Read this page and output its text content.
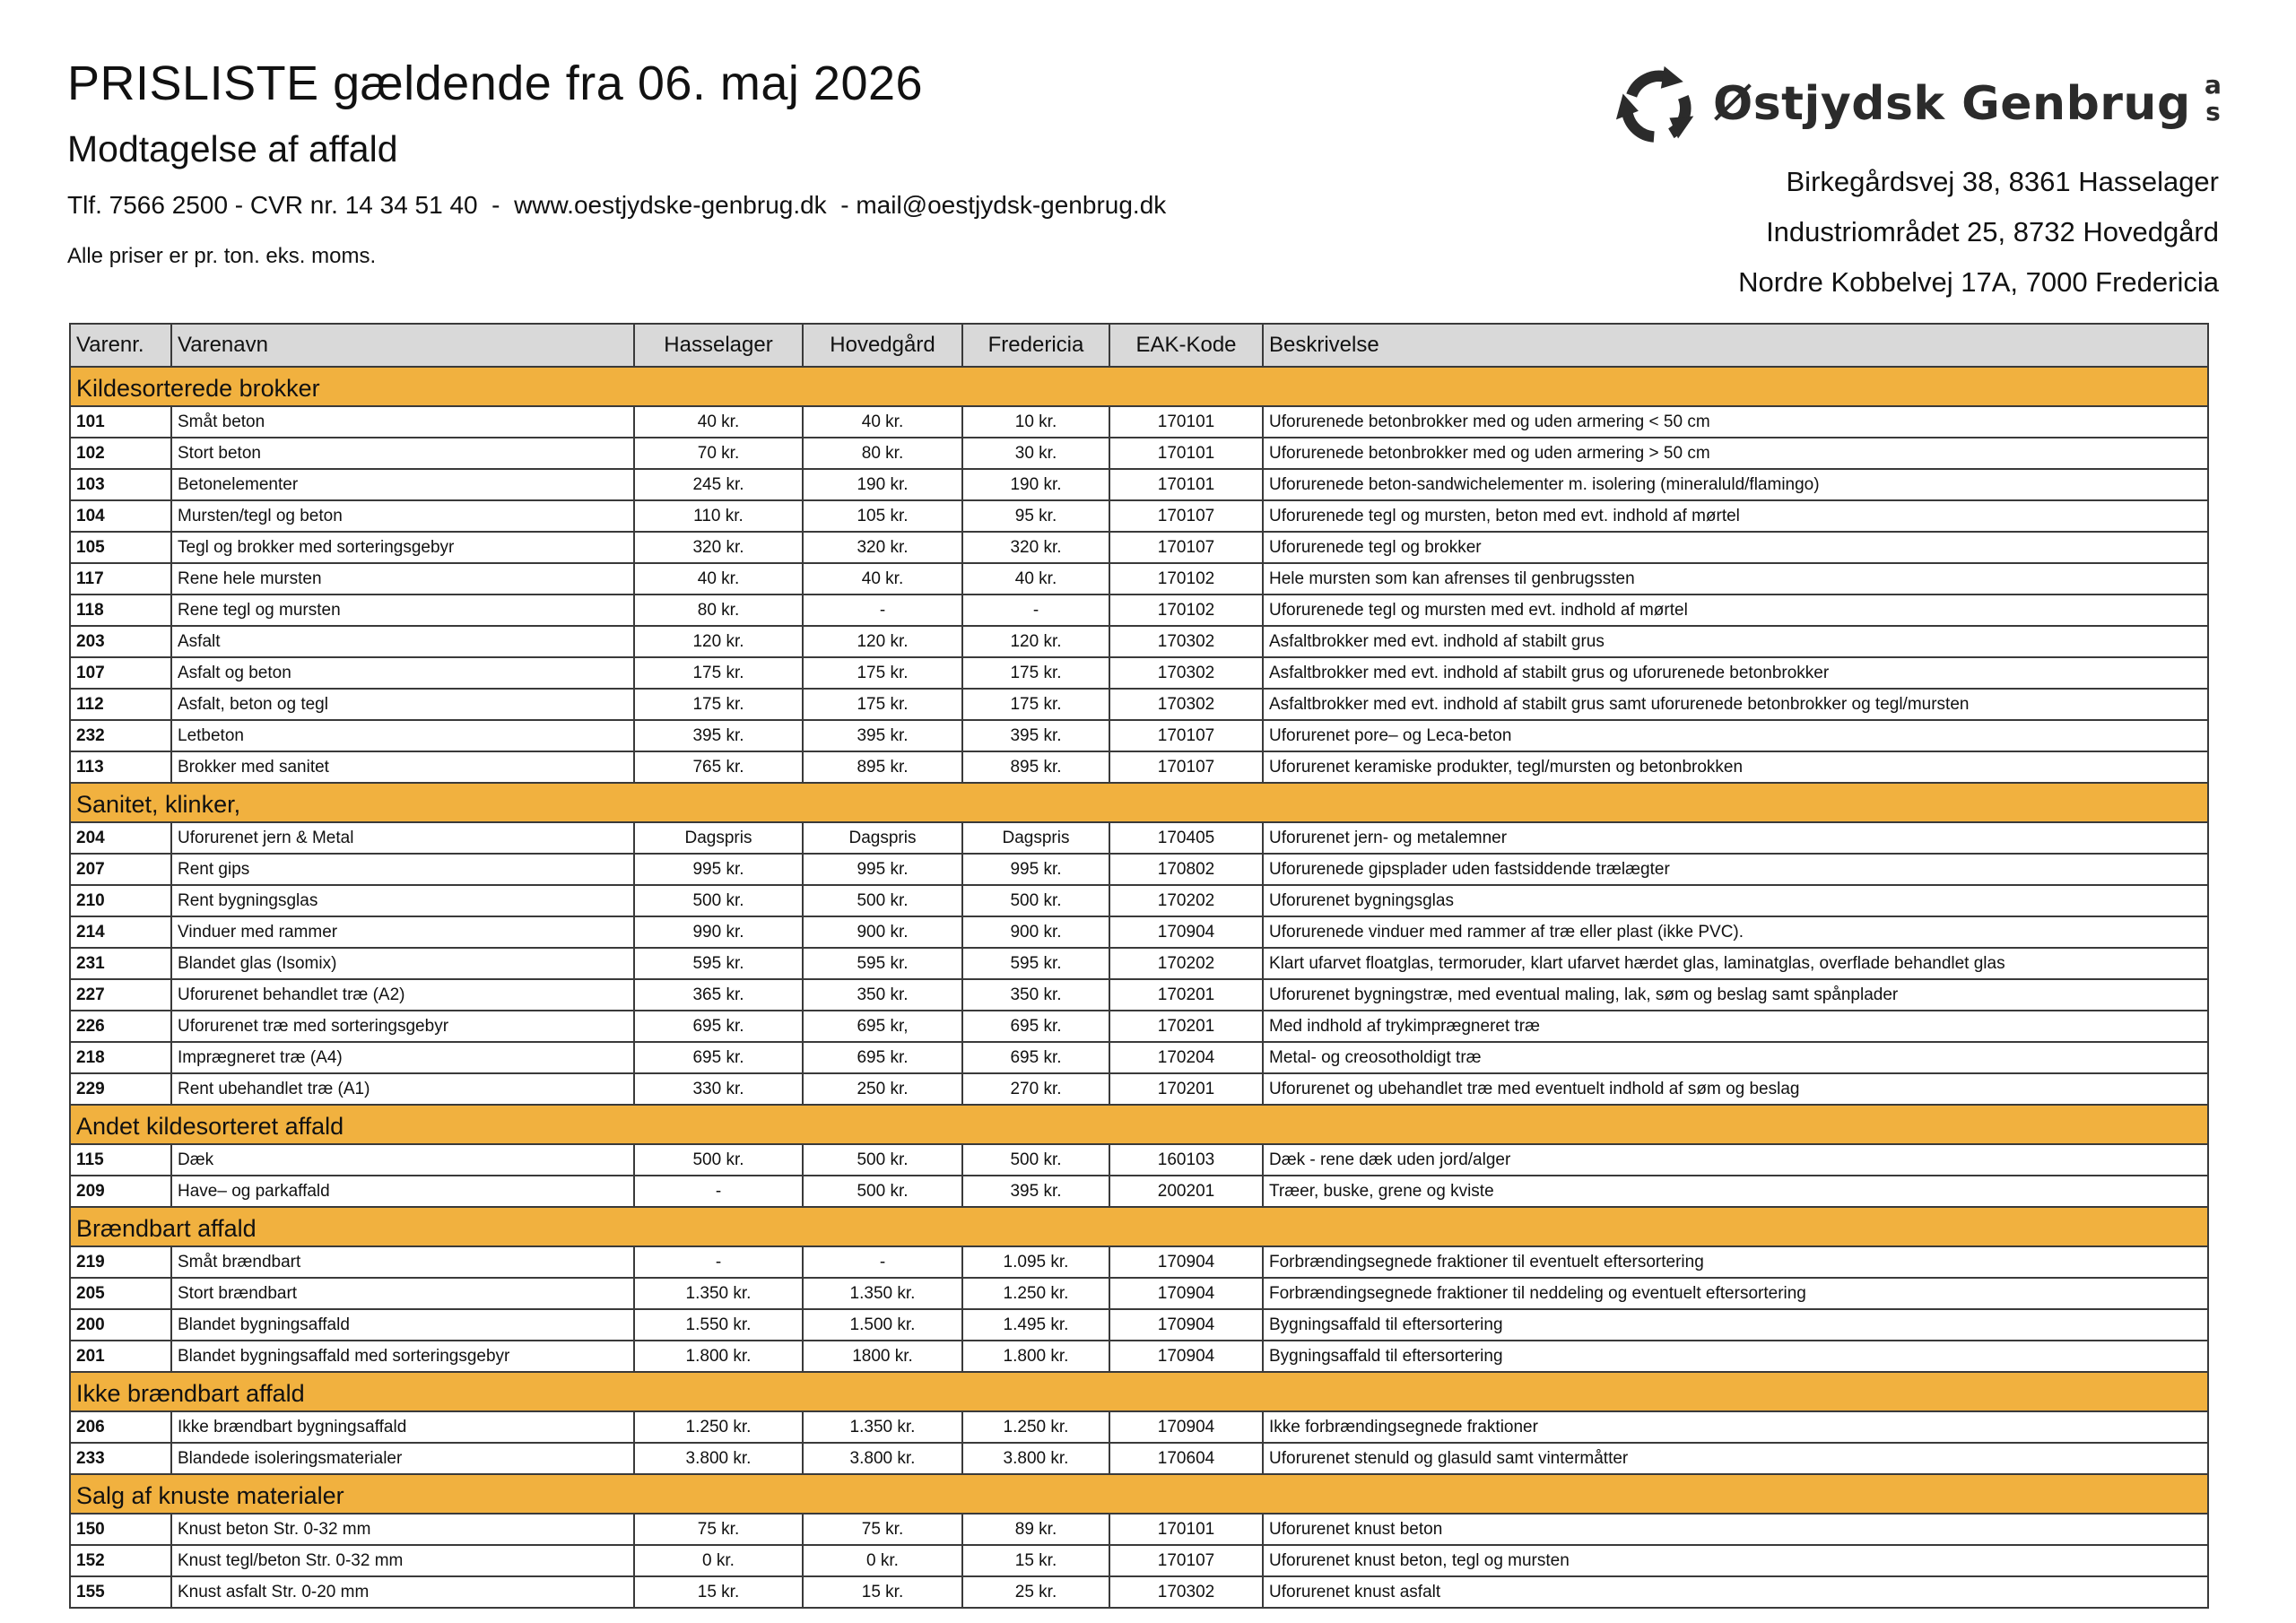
PRISLISTE gældende fra 06. maj 2026
Modtagelse af affald
Tlf. 7566 2500 - CVR nr. 14 34 51 40  -  www.oestjydske-genbrug.dk  - mail@oestjydsk-genbrug.dk
Alle priser er pr. ton. eks. moms.
Østjydsk Genbrug a
s
Birkegårdsvej 38, 8361 Hasselager
Industriområdet 25, 8732 Hovedgård
Nordre Kobbelvej 17A, 7000 Fredericia
Varenr.	Varenavn	Hasselager	Hovedgård	Fredericia	EAK-Kode	Beskrivelse
Kildesorterede brokker						
101	Småt beton	40 kr.	40 kr.	10 kr.	170101	Uforurenede betonbrokker med og uden armering < 50 cm
102	Stort beton	70 kr.	80 kr.	30 kr.	170101	Uforurenede betonbrokker med og uden armering > 50 cm
103	Betonelementer	245 kr.	190 kr.	190 kr.	170101	Uforurenede beton-sandwichelementer m. isolering (mineraluld/flamingo)
104	Mursten/tegl og beton	110 kr.	105 kr.	95 kr.	170107	Uforurenede tegl og mursten, beton med evt. indhold af mørtel
105	Tegl og brokker med sorteringsgebyr	320 kr.	320 kr.	320 kr.	170107	Uforurenede tegl og brokker
117	Rene hele mursten	40 kr.	40 kr.	40 kr.	170102	Hele mursten som kan afrenses til genbrugssten
118	Rene tegl og mursten	80 kr.	-	-	170102	Uforurenede tegl og mursten med evt. indhold af mørtel
203	Asfalt	120 kr.	120 kr.	120 kr.	170302	Asfaltbrokker med evt. indhold af stabilt grus
107	Asfalt og beton	175 kr.	175 kr.	175 kr.	170302	Asfaltbrokker med evt. indhold af stabilt grus og uforurenede betonbrokker
112	Asfalt, beton og tegl	175 kr.	175 kr.	175 kr.	170302	Asfaltbrokker med evt. indhold af stabilt grus samt uforurenede betonbrokker og tegl/mursten
232	Letbeton	395 kr.	395 kr.	395 kr.	170107	Uforurenet pore– og Leca-beton
113	Brokker med sanitet	765 kr.	895 kr.	895 kr.	170107	Uforurenet keramiske produkter, tegl/mursten og betonbrokken
Sanitet, klinker,						
204	Uforurenet jern & Metal	Dagspris	Dagspris	Dagspris	170405	Uforurenet jern- og metalemner
207	Rent gips	995 kr.	995 kr.	995 kr.	170802	Uforurenede gipsplader uden fastsiddende trælægter
210	Rent bygningsglas	500 kr.	500 kr.	500 kr.	170202	Uforurenet bygningsglas
214	Vinduer med rammer	990 kr.	900 kr.	900 kr.	170904	Uforurenede vinduer med rammer af træ eller plast (ikke PVC).
231	Blandet glas (Isomix)	595 kr.	595 kr.	595 kr.	170202	Klart ufarvet floatglas, termoruder, klart ufarvet hærdet glas, laminatglas, overflade behandlet glas
227	Uforurenet behandlet træ (A2)	365 kr.	350 kr.	350 kr.	170201	Uforurenet bygningstræ, med eventual maling, lak, søm og beslag samt spånplader
226	Uforurenet træ med sorteringsgebyr	695 kr.	695 kr,	695 kr.	170201	Med indhold af trykimprægneret træ
218	Imprægneret træ (A4)	695 kr.	695 kr.	695 kr.	170204	Metal- og creosotholdigt træ
229	Rent ubehandlet træ (A1)	330 kr.	250 kr.	270 kr.	170201	Uforurenet og ubehandlet træ med eventuelt indhold af søm og beslag
Andet kildesorteret affald						
115	Dæk	500 kr.	500 kr.	500 kr.	160103	Dæk - rene dæk uden jord/alger
209	Have– og parkaffald	-	500 kr.	395 kr.	200201	Træer, buske, grene og kviste
Brændbart affald						
219	Småt brændbart	-	-	1.095 kr.	170904	Forbrændingsegnede fraktioner til eventuelt eftersortering
205	Stort brændbart	1.350 kr.	1.350 kr.	1.250 kr.	170904	Forbrændingsegnede fraktioner til neddeling og eventuelt eftersortering
200	Blandet bygningsaffald	1.550 kr.	1.500 kr.	1.495 kr.	170904	Bygningsaffald til eftersortering
201	Blandet bygningsaffald med sorteringsgebyr	1.800 kr.	1800 kr.	1.800 kr.	170904	Bygningsaffald til eftersortering
Ikke brændbart affald						
206	Ikke brændbart bygningsaffald	1.250 kr.	1.350 kr.	1.250 kr.	170904	Ikke forbrændingsegnede fraktioner
233	Blandede isoleringsmaterialer	3.800 kr.	3.800 kr.	3.800 kr.	170604	Uforurenet stenuld og glasuld samt vintermåtter
Salg af knuste materialer						
150	Knust beton Str. 0-32 mm	75 kr.	75 kr.	89 kr.	170101	Uforurenet knust beton
152	Knust tegl/beton Str. 0-32 mm	0 kr.	0 kr.	15 kr.	170107	Uforurenet knust beton, tegl og mursten
155	Knust asfalt Str. 0-20 mm	15 kr.	15 kr.	25 kr.	170302	Uforurenet knust asfalt
